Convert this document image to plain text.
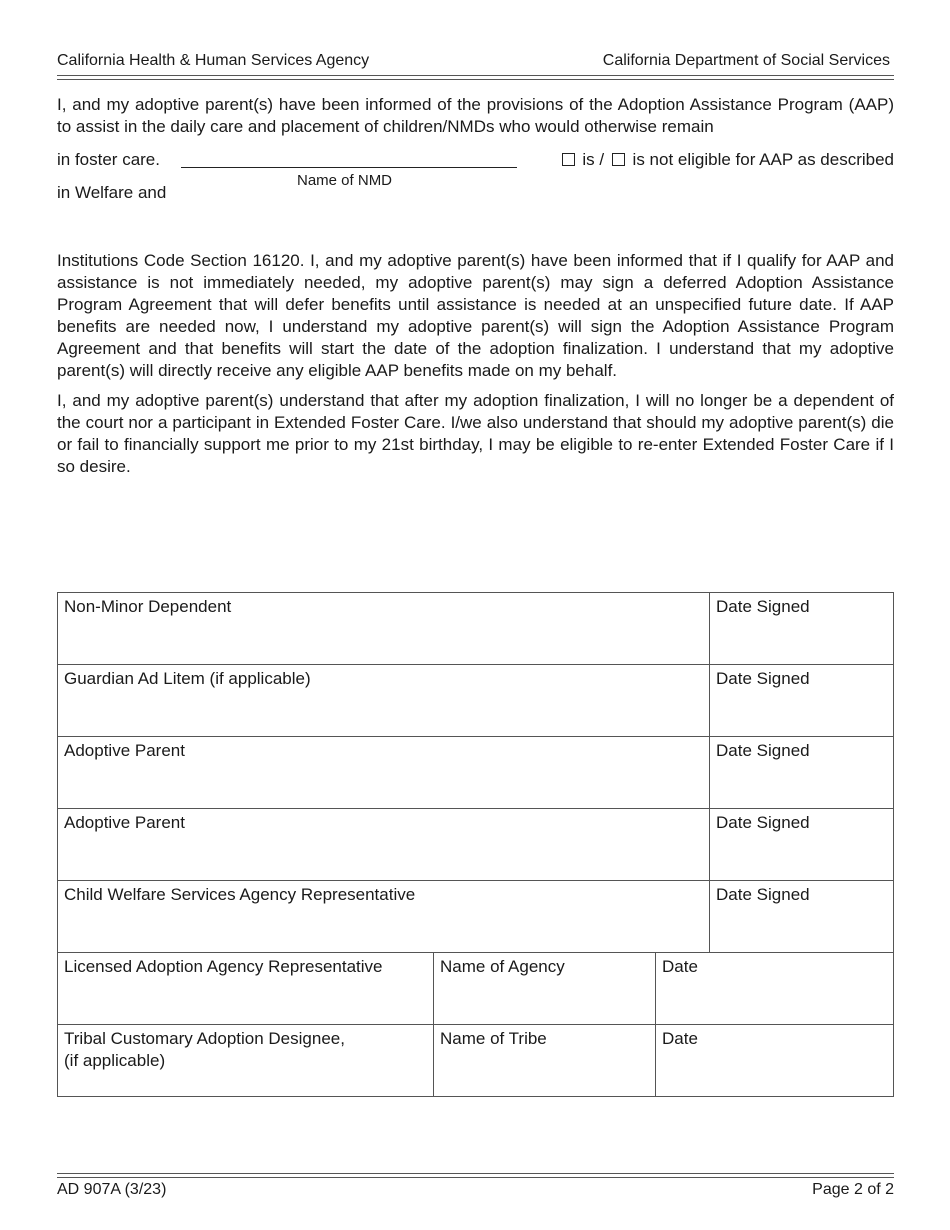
California Health & Human Services Agency	California Department of Social Services
I, and my adoptive parent(s) have been informed of the provisions of the Adoption Assistance Program (AAP) to assist in the daily care and placement of children/NMDs who would otherwise remain
in foster care.	is / is not eligible for AAP as described
Name of NMD
in Welfare and
Institutions Code Section 16120. I, and my adoptive parent(s) have been informed that if I qualify for AAP and assistance is not immediately needed, my adoptive parent(s) may sign a deferred Adoption Assistance Program Agreement that will defer benefits until assistance is needed at an unspecified future date. If AAP benefits are needed now, I understand my adoptive parent(s) will sign the Adoption Assistance Program Agreement and that benefits will start the date of the adoption finalization. I understand that my adoptive parent(s) will directly receive any eligible AAP benefits made on my behalf.
I, and my adoptive parent(s) understand that after my adoption finalization, I will no longer be a dependent of the court nor a participant in Extended Foster Care. I/we also understand that should my adoptive parent(s) die or fail to financially support me prior to my 21st birthday, I may be eligible to re-enter Extended Foster Care if I so desire.
Non-Minor Dependent			Date Signed
Guardian Ad Litem (if applicable)			Date Signed
Adoptive Parent			Date Signed
Adoptive Parent			Date Signed
Child Welfare Services Agency Representative			Date Signed
Licensed Adoption Agency Representative	Name of Agency	Date	

Tribal Customary Adoption Designee,
(if applicable)	Name of Tribe	Date	
AD 907A (3/23)	Page 2 of 2
